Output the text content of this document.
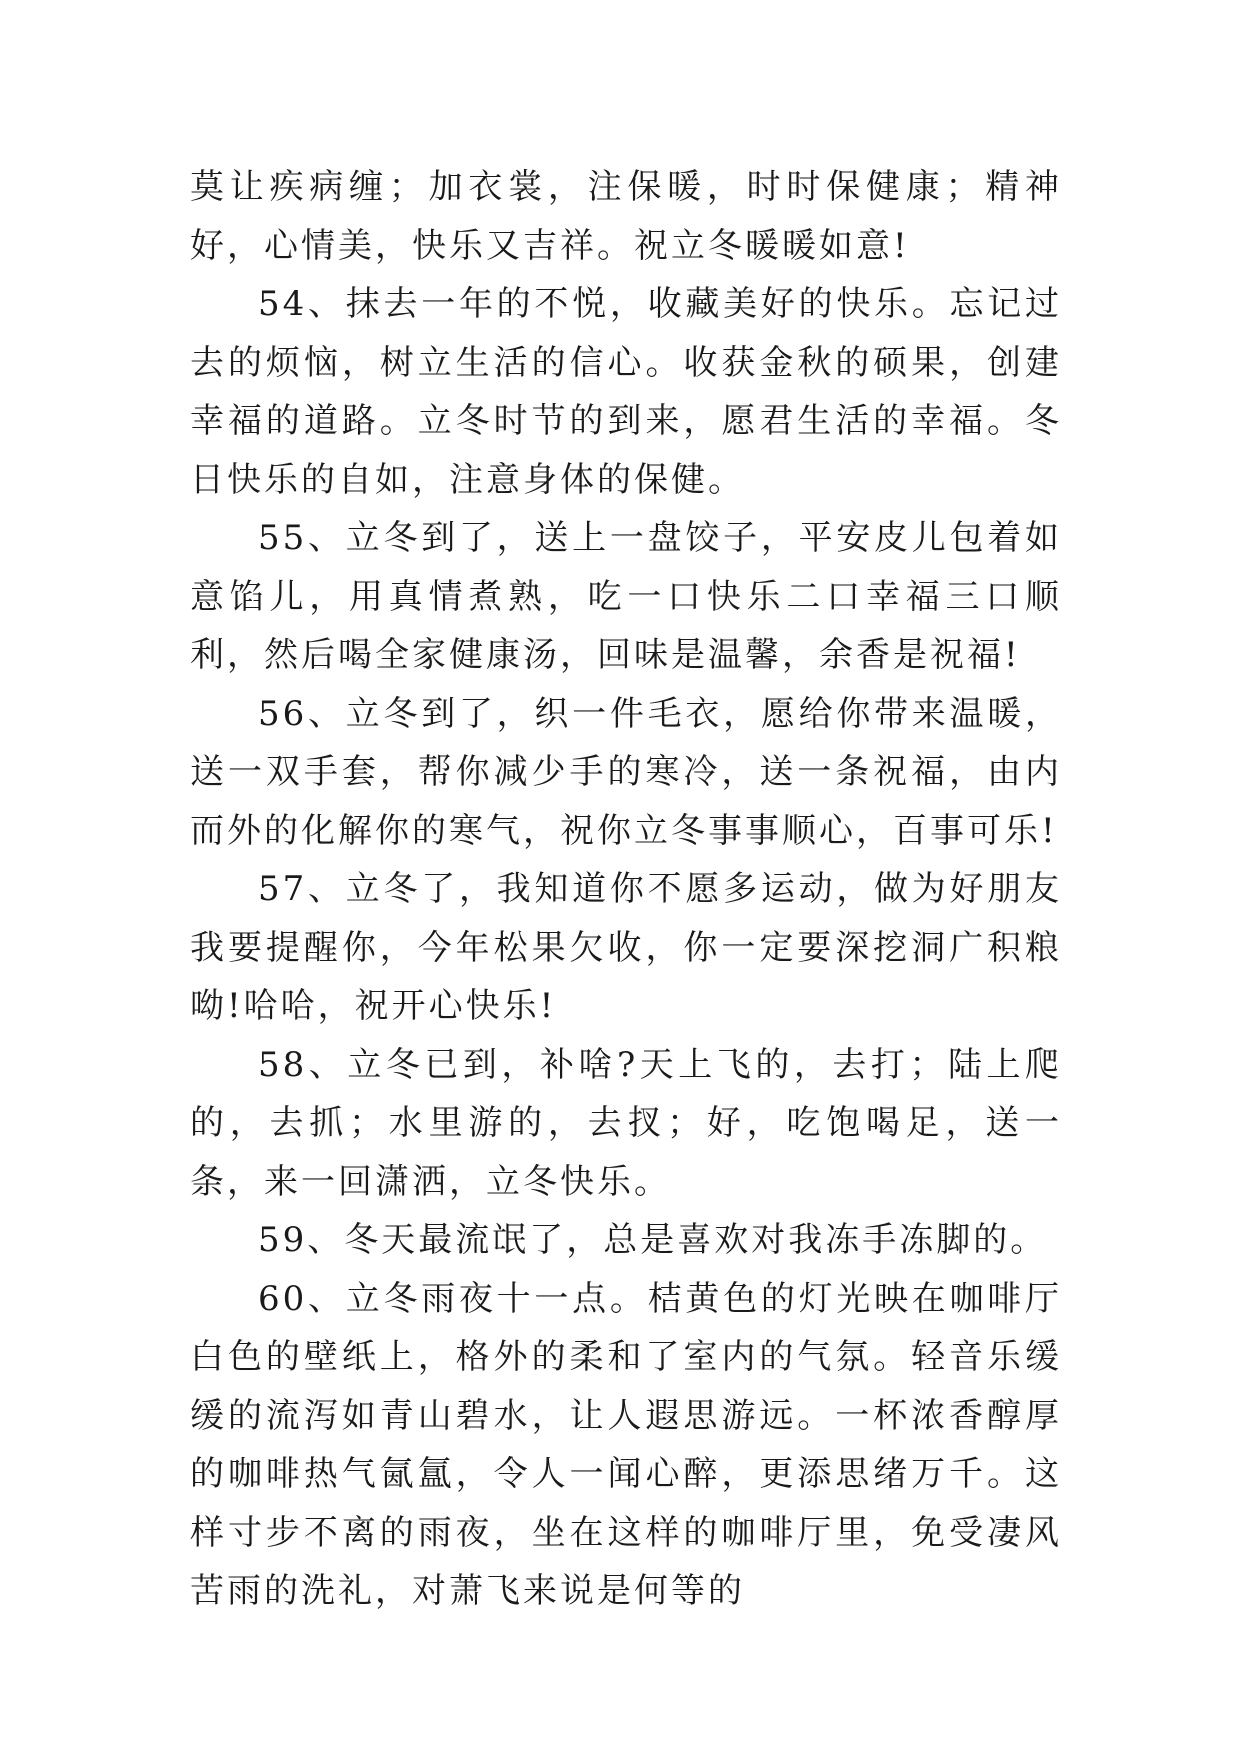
莫让疾病缠；加衣裳，注保暖，时时保健康；精神好，心情美，快乐又吉祥。祝立冬暖暖如意!

54、抹去一年的不悦，收藏美好的快乐。忘记过去的烦恼，树立生活的信心。收获金秋的硕果，创建幸福的道路。立冬时节的到来，愿君生活的幸福。冬日快乐的自如，注意身体的保健。

55、立冬到了，送上一盘饺子，平安皮儿包着如意馅儿，用真情煮熟，吃一口快乐二口幸福三口顺利，然后喝全家健康汤，回味是温馨，余香是祝福!

56、立冬到了，织一件毛衣，愿给你带来温暖，送一双手套，帮你减少手的寒冷，送一条祝福，由内而外的化解你的寒气，祝你立冬事事顺心，百事可乐!

57、立冬了，我知道你不愿多运动，做为好朋友我要提醒你，今年松果欠收，你一定要深挖洞广积粮呦!哈哈，祝开心快乐!

58、立冬已到，补啥?天上飞的，去打；陆上爬的，去抓；水里游的，去扠；好，吃饱喝足，送一条，来一回潇洒，立冬快乐。

59、冬天最流氓了，总是喜欢对我冻手冻脚的。

60、立冬雨夜十一点。桔黄色的灯光映在咖啡厅白色的壁纸上，格外的柔和了室内的气氛。轻音乐缓缓的流泻如青山碧水，让人遐思游远。一杯浓香醇厚的咖啡热气氤氲，令人一闻心醉，更添思绪万千。这样寸步不离的雨夜，坐在这样的咖啡厅里，免受凄风苦雨的洗礼，对萧飞来说是何等的
